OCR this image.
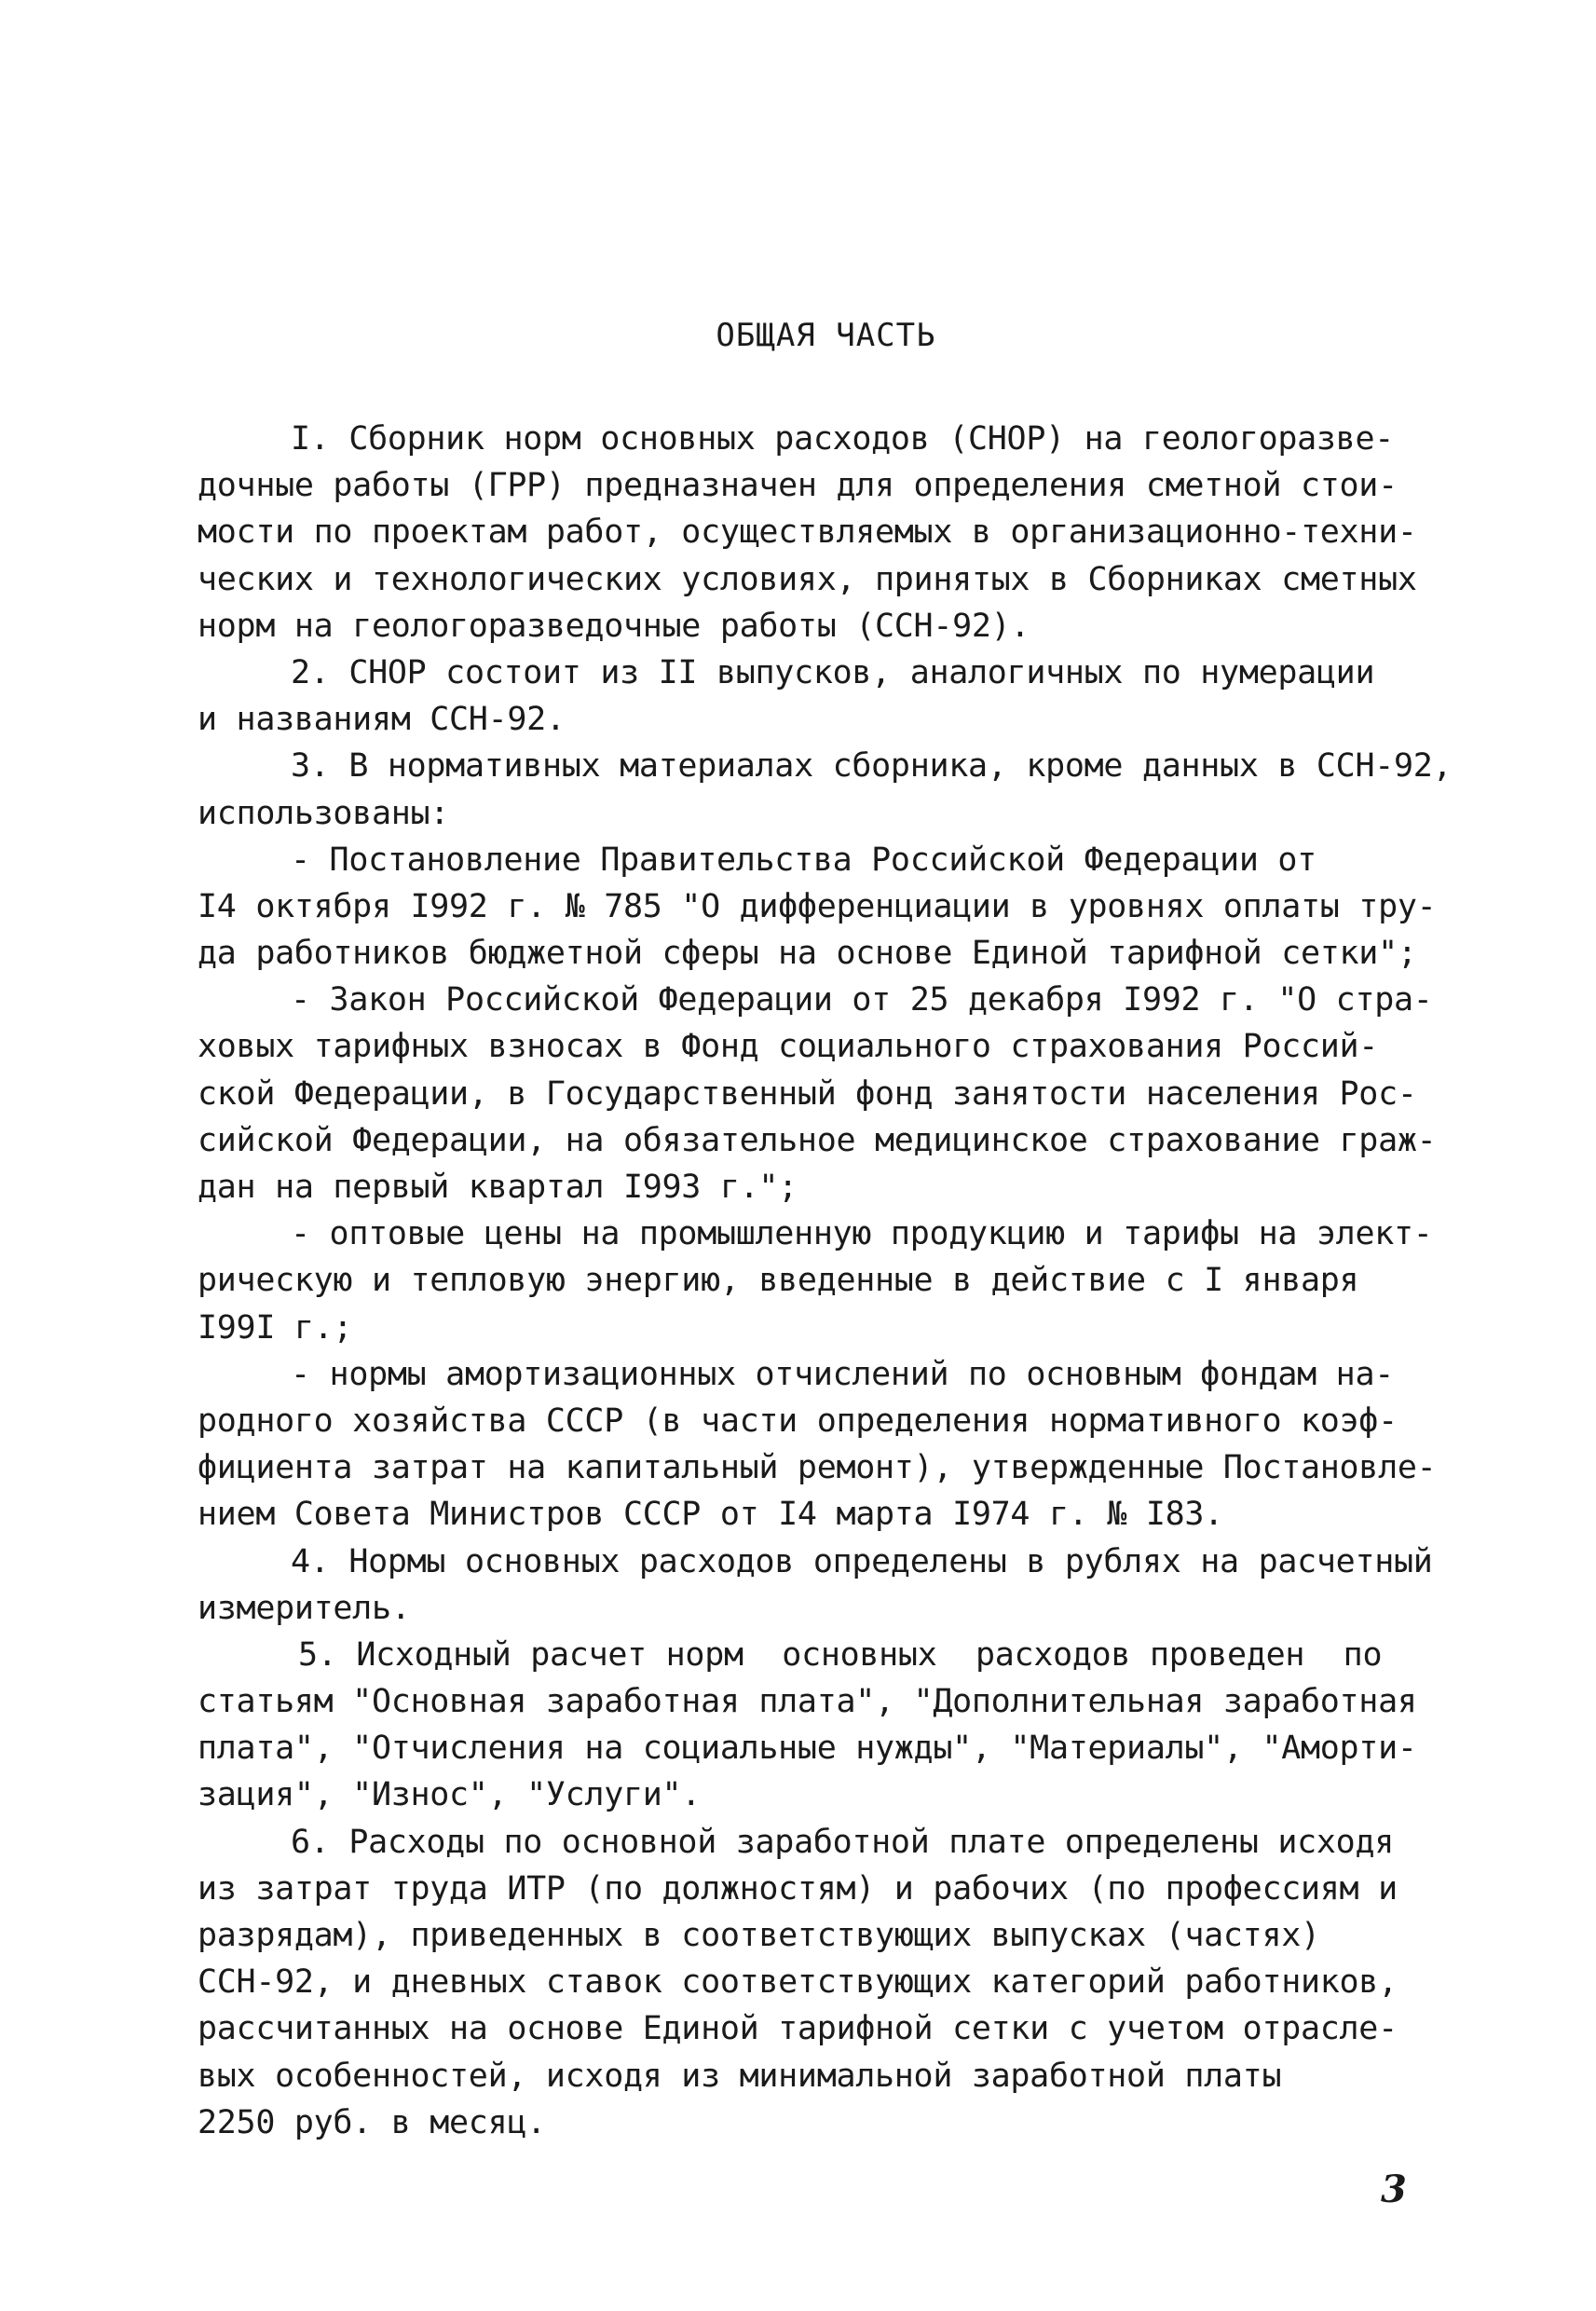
ОБЩАЯ ЧАСТЬ
I. Сборник норм основных расходов (СНОР) на геологоразве-
дочные работы (ГРР) предназначен для определения сметной стои-
мости по проектам работ, осуществляемых в организационно-техни-
ческих и технологических условиях, принятых в Сборниках сметных
норм на геологоразведочные работы (ССН-92).
2. СНОР состоит из II выпусков, аналогичных по нумерации
и названиям ССН-92.
3. В нормативных материалах сборника, кроме данных в ССН-92,
использованы:
- Постановление Правительства Российской Федерации от
I4 октября I992 г. № 785 "О дифференциации в уровнях оплаты тру-
да работников бюджетной сферы на основе Единой тарифной сетки";
- Закон Российской Федерации от 25 декабря I992 г. "О стра-
ховых тарифных взносах в Фонд социального страхования Россий-
ской Федерации, в Государственный фонд занятости населения Рос-
сийской Федерации, на обязательное медицинское страхование граж-
дан на первый квартал I993 г.";
- оптовые цены на промышленную продукцию и тарифы на элект-
рическую и тепловую энергию, введенные в действие с I января
I99I г.;
- нормы амортизационных отчислений по основным фондам на-
родного хозяйства СССР (в части определения нормативного коэф-
фициента затрат на капитальный ремонт), утвержденные Постановле-
нием Совета Министров СССР от I4 марта I974 г. № I83.
4. Нормы основных расходов определены в рублях на расчетный
измеритель.
5. Исходный расчет норм  основных  расходов проведен  по
статьям "Основная заработная плата", "Дополнительная заработная
плата", "Отчисления на социальные нужды", "Материалы", "Аморти-
зация", "Износ", "Услуги".
6. Расходы по основной заработной плате определены исходя
из затрат труда ИТР (по должностям) и рабочих (по профессиям и
разрядам), приведенных в соответствующих выпусках (частях)
ССН-92, и дневных ставок соответствующих категорий работников,
рассчитанных на основе Единой тарифной сетки с учетом отрасле-
вых особенностей, исходя из минимальной заработной платы
2250 руб. в месяц.
3
